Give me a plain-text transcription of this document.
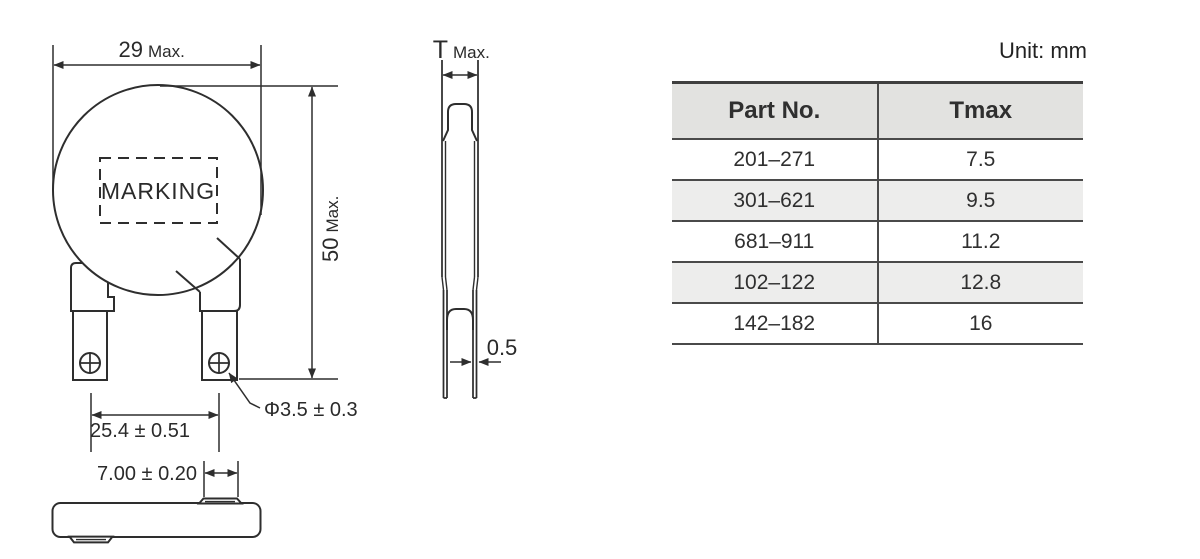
MARKING
29 Max.
50Max.
25.4 ± 0.51
Φ3.5 ± 0.3
7.00 ± 0.20
T Max.
0.5
Unit: mm
Part No.	Tmax
201–271	7.5
301–621	9.5
681–911	11.2
102–122	12.8
142–182	16
